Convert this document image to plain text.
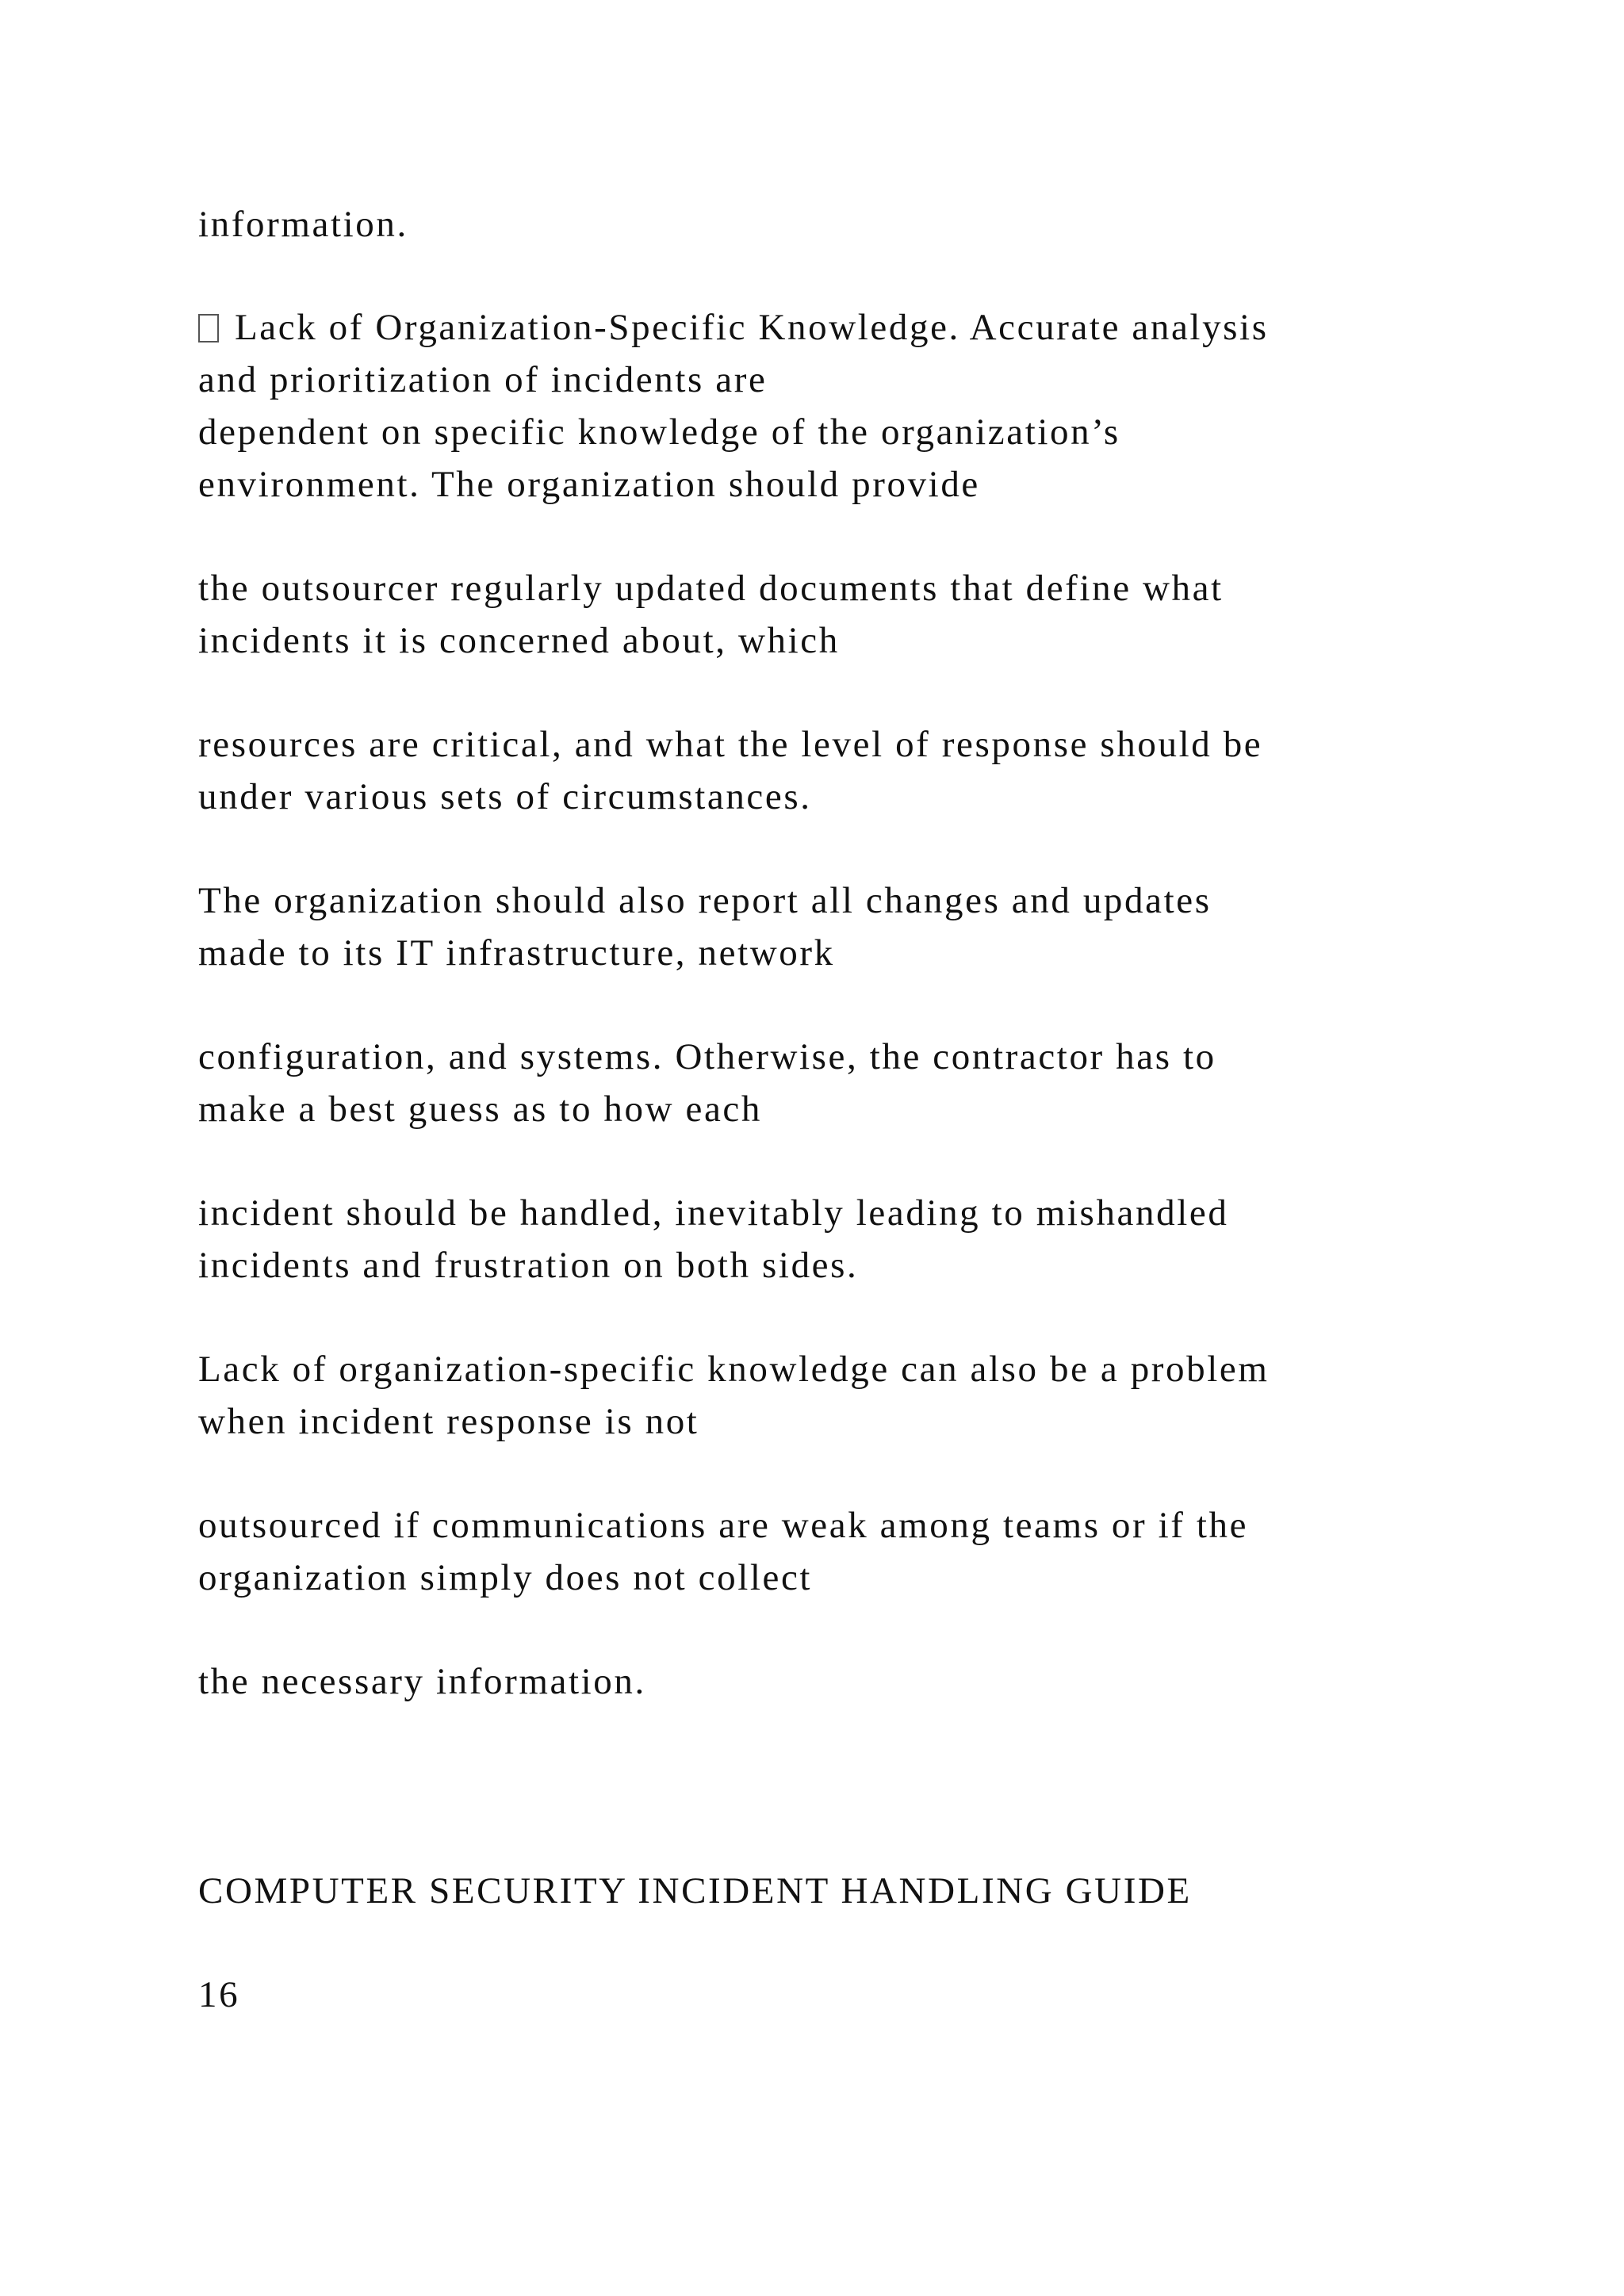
information.

Lack of Organization-Specific Knowledge. Accurate analysis

and prioritization of incidents are

dependent on specific knowledge of the organization’s

environment. The organization should provide

the outsourcer regularly updated documents that define what

incidents it is concerned about, which

resources are critical, and what the level of response should be

under various sets of circumstances.

The organization should also report all changes and updates

made to its IT infrastructure, network

configuration, and systems. Otherwise, the contractor has to

make a best guess as to how each

incident should be handled, inevitably leading to mishandled

incidents and frustration on both sides.

Lack of organization-specific knowledge can also be a problem

when incident response is not

outsourced if communications are weak among teams or if the

organization simply does not collect

the necessary information.

COMPUTER SECURITY INCIDENT HANDLING GUIDE

16
